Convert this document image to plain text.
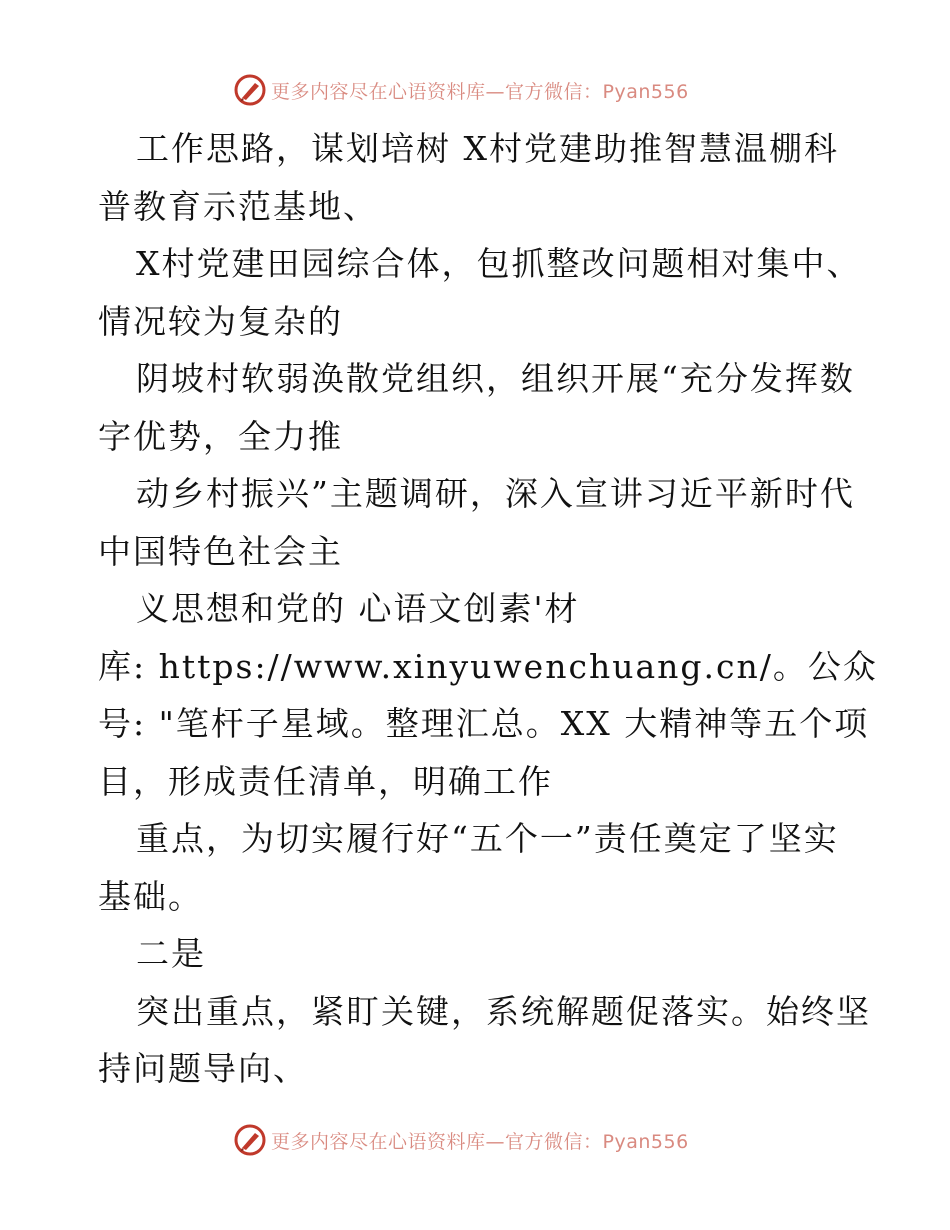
更多内容尽在心语资料库—官方微信：Pyan556
工作思路，谋划培树 X村党建助推智慧温棚科
普教育示范基地、
X村党建田园综合体，包抓整改问题相对集中、
情况较为复杂的
阴坡村软弱涣散党组织，组织开展“充分发挥数
字优势，全力推
动乡村振兴”主题调研，深入宣讲习近平新时代
中国特色社会主
义思想和党的 心语文创素'材
库: https://www.xinyuwenchuang.cn/。公众
号: "笔杆子星域。整理汇总。XX 大精神等五个项
目，形成责任清单，明确工作
重点，为切实履行好“五个一”责任奠定了坚实
基础。
二是
突出重点，紧盯关键，系统解题促落实。始终坚
持问题导向、
更多内容尽在心语资料库—官方微信：Pyan556
